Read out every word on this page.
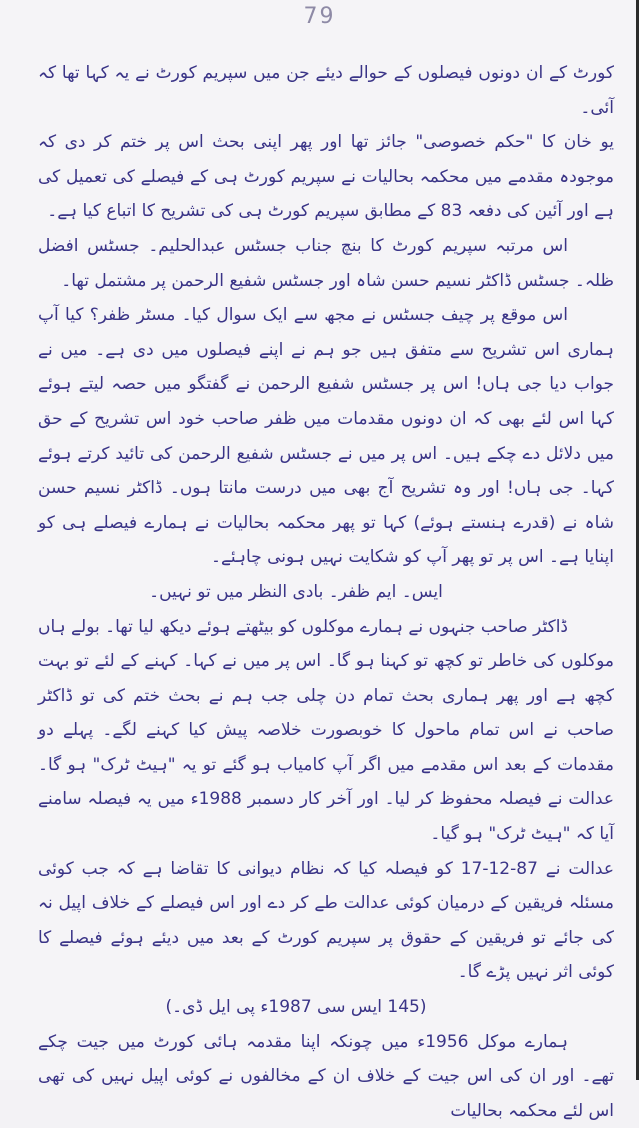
79

کورٹ کے ان دونوں فیصلوں کے حوالے دیئے جن میں سپریم کورٹ نے یہ کہا تھا کہ آئی۔

یو خان کا "حکم خصوصی" جائز تھا اور پھر اپنی بحث اس پر ختم کر دی کہ موجودہ مقدمے میں محکمہ بحالیات نے سپریم کورٹ ہی کے فیصلے کی تعمیل کی ہے اور آئین کی دفعہ 83 کے مطابق سپریم کورٹ ہی کی تشریح کا اتباع کیا ہے۔

اس مرتبہ سپریم کورٹ کا بنچ جناب جسٹس عبدالحلیم۔ جسٹس افضل ظلہ۔ جسٹس ڈاکٹر نسیم حسن شاہ اور جسٹس شفیع الرحمن پر مشتمل تھا۔

اس موقع پر چیف جسٹس نے مجھ سے ایک سوال کیا۔ مسٹر ظفر؟ کیا آپ ہماری اس تشریح سے متفق ہیں جو ہم نے اپنے فیصلوں میں دی ہے۔ میں نے جواب دیا جی ہاں! اس پر جسٹس شفیع الرحمن نے گفتگو میں حصہ لیتے ہوئے کہا اس لئے بھی کہ ان دونوں مقدمات میں ظفر صاحب خود اس تشریح کے حق میں دلائل دے چکے ہیں۔ اس پر میں نے جسٹس شفیع الرحمن کی تائید کرتے ہوئے کہا۔ جی ہاں! اور وہ تشریح آج بھی میں درست مانتا ہوں۔ ڈاکٹر نسیم حسن شاہ نے (قدرے ہنستے ہوئے) کہا تو پھر محکمہ بحالیات نے ہمارے فیصلے ہی کو اپنایا ہے۔ اس پر تو پھر آپ کو شکایت نہیں ہونی چاہئے۔

ایس۔ ایم ظفر۔ بادی النظر میں تو نہیں۔

ڈاکٹر صاحب جنہوں نے ہمارے موکلوں کو بیٹھتے ہوئے دیکھ لیا تھا۔ بولے ہاں موکلوں کی خاطر تو کچھ تو کہنا ہو گا۔ اس پر میں نے کہا۔ کہنے کے لئے تو بہت کچھ ہے اور پھر ہماری بحث تمام دن چلی جب ہم نے بحث ختم کی تو ڈاکٹر صاحب نے اس تمام ماحول کا خوبصورت خلاصہ پیش کیا کہنے لگے۔ پہلے دو مقدمات کے بعد اس مقدمے میں اگر آپ کامیاب ہو گئے تو یہ "ہیٹ ٹرک" ہو گا۔ عدالت نے فیصلہ محفوظ کر لیا۔ اور آخر کار دسمبر 1988ء میں یہ فیصلہ سامنے آیا کہ "ہیٹ ٹرک" ہو گیا۔

عدالت نے 87-12-17 کو فیصلہ کیا کہ نظام دیوانی کا تقاضا ہے کہ جب کوئی مسئلہ فریقین کے درمیان کوئی عدالت طے کر دے اور اس فیصلے کے خلاف اپیل نہ کی جائے تو فریقین کے حقوق پر سپریم کورٹ کے بعد میں دیئے ہوئے فیصلے کا کوئی اثر نہیں پڑے گا۔

(145 ایس سی 1987ء پی ایل ڈی۔)

ہمارے موکل 1956ء میں چونکہ اپنا مقدمہ ہائی کورٹ میں جیت چکے تھے۔ اور ان کی اس جیت کے خلاف ان کے مخالفوں نے کوئی اپیل نہیں کی تھی اس لئے محکمہ بحالیات
